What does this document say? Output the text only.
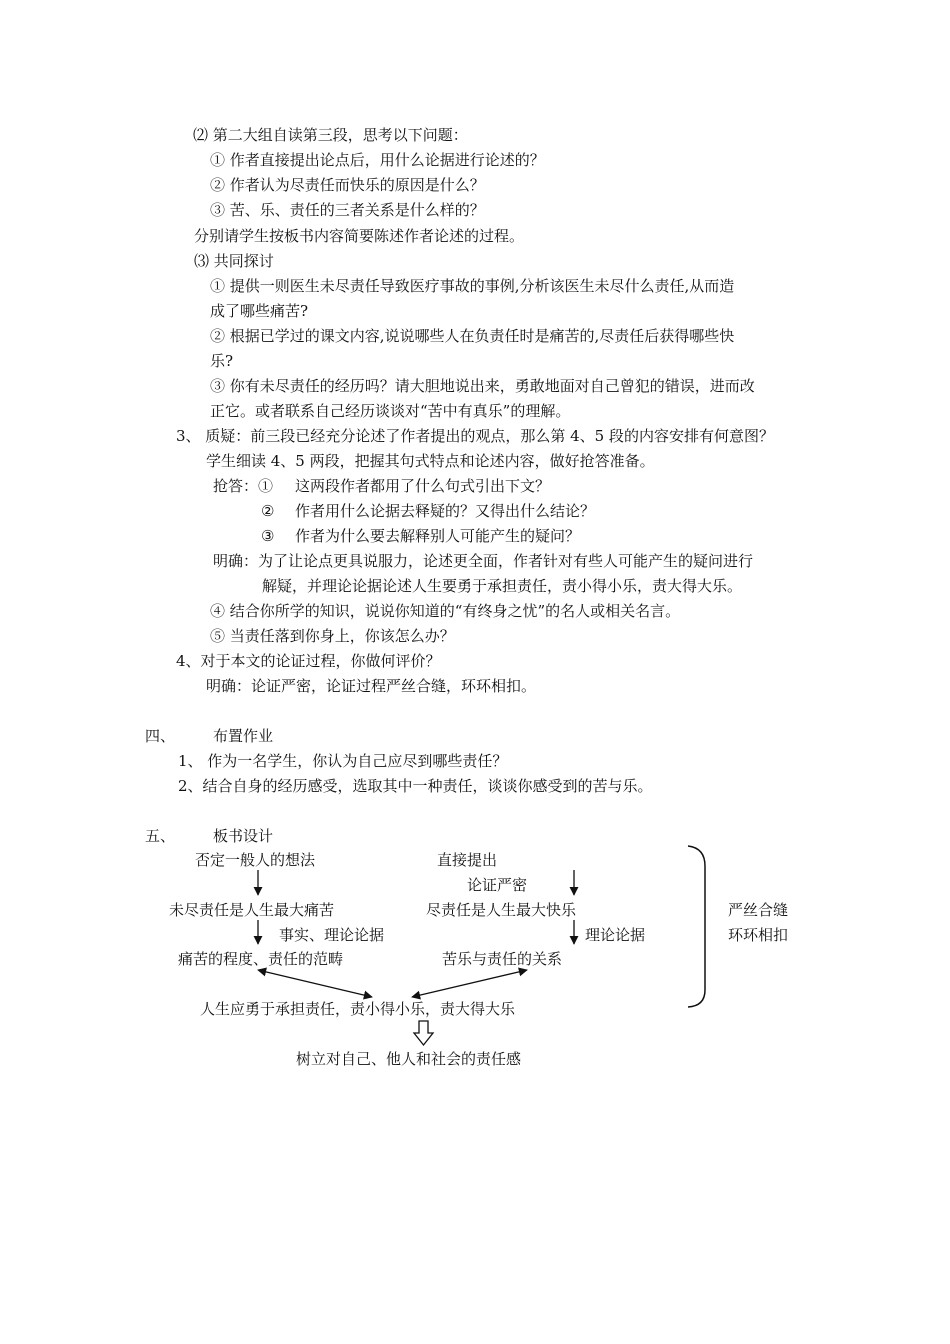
⑵ 第二大组自读第三段，思考以下问题：
① 作者直接提出论点后，用什么论据进行论述的？
② 作者认为尽责任而快乐的原因是什么？
③ 苦、乐、责任的三者关系是什么样的？
分别请学生按板书内容简要陈述作者论述的过程。
⑶ 共同探讨
① 提供一则医生未尽责任导致医疗事故的事例,分析该医生未尽什么责任,从而造
成了哪些痛苦?
② 根据已学过的课文内容,说说哪些人在负责任时是痛苦的,尽责任后获得哪些快
乐?
③ 你有未尽责任的经历吗？请大胆地说出来，勇敢地面对自己曾犯的错误，进而改
正它。或者联系自己经历谈谈对“苦中有真乐”的理解。
3、 质疑：前三段已经充分论述了作者提出的观点，那么第 4、5 段的内容安排有何意图？
学生细读 4、5 两段，把握其句式特点和论述内容，做好抢答准备。
抢答：① 这两段作者都用了什么句式引出下文？
② 作者用什么论据去释疑的？又得出什么结论？
③ 作者为什么要去解释别人可能产生的疑问？
明确：为了让论点更具说服力，论述更全面，作者针对有些人可能产生的疑问进行
解疑，并理论论据论述人生要勇于承担责任，责小得小乐，责大得大乐。
④ 结合你所学的知识，说说你知道的“有终身之忧”的名人或相关名言。
⑤ 当责任落到你身上，你该怎么办？
4、对于本文的论证过程，你做何评价？
明确：论证严密，论证过程严丝合缝，环环相扣。
四、	布置作业
1、 作为一名学生，你认为自己应尽到哪些责任？
2、结合自身的经历感受，选取其中一种责任，谈谈你感受到的苦与乐。
五、	板书设计
否定一般人的想法	直接提出
论证严密
未尽责任是人生最大痛苦	尽责任是人生最大快乐
事实、理论论据	理论论据
痛苦的程度、责任的范畴	苦乐与责任的关系
人生应勇于承担责任，责小得小乐，责大得大乐
树立对自己、他人和社会的责任感
严丝合缝
环环相扣
